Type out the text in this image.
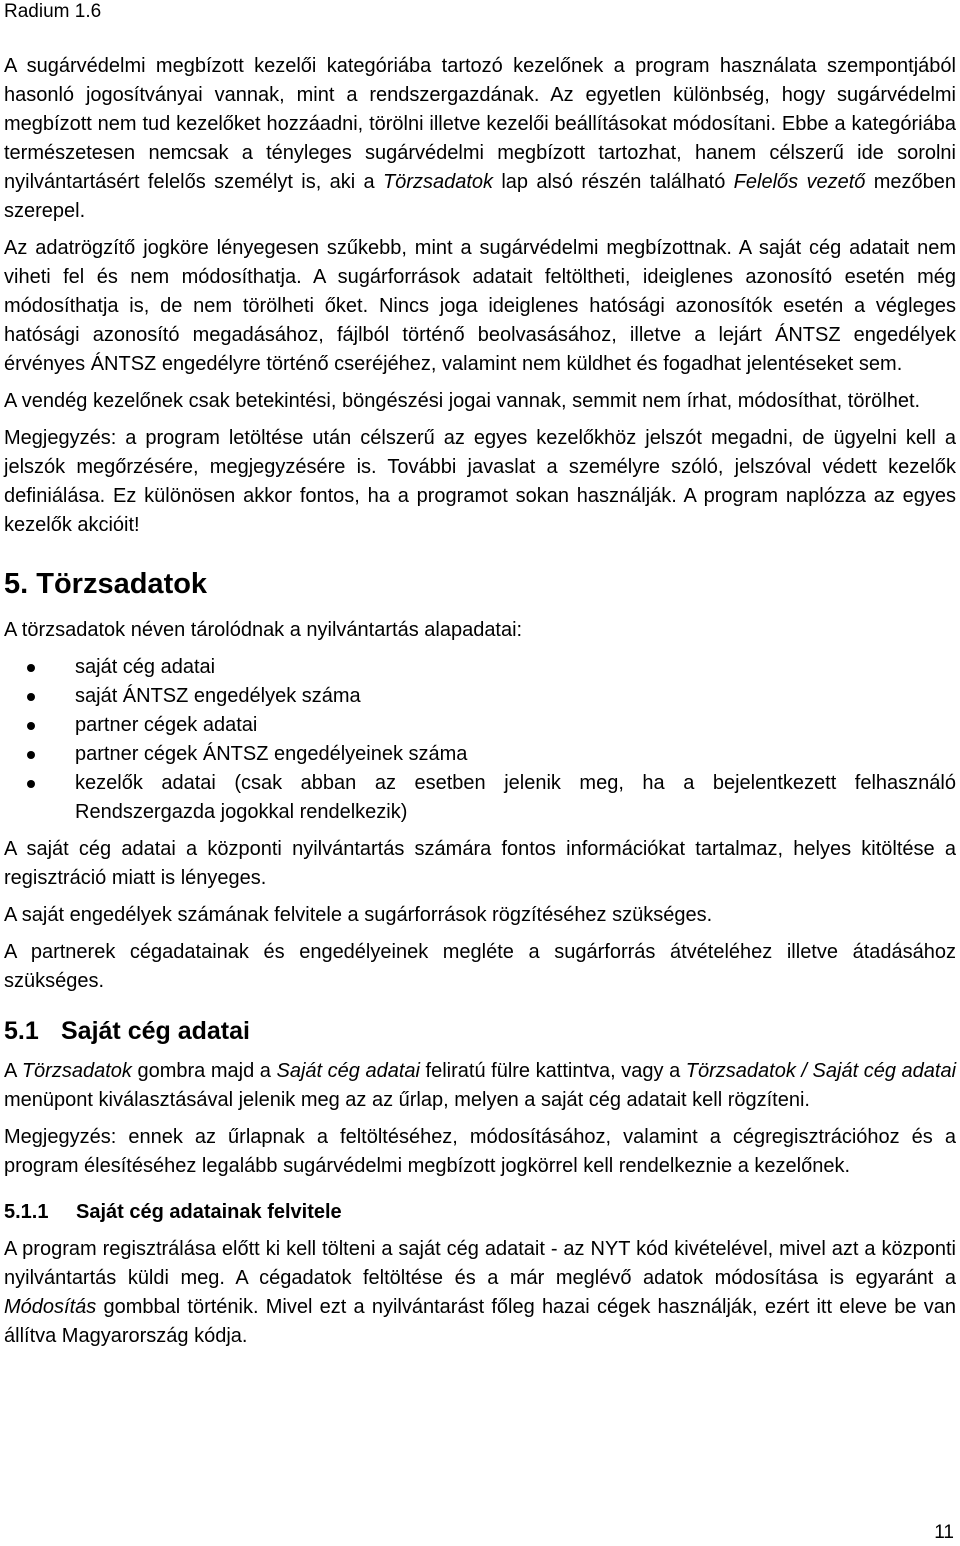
Radium 1.6

A sugárvédelmi megbízott kezelői kategóriába tartozó kezelőnek a program használata szempontjából hasonló jogosítványai vannak, mint a rendszergazdának. Az egyetlen különbség, hogy sugárvédelmi megbízott nem tud kezelőket hozzáadni, törölni illetve kezelői beállításokat módosítani. Ebbe a kategóriába természetesen nemcsak a tényleges sugárvédelmi megbízott tartozhat, hanem célszerű ide sorolni nyilvántartásért felelős személyt is, aki a Törzsadatok lap alsó részén található Felelős vezető mezőben szerepel.

Az adatrögzítő jogköre lényegesen szűkebb, mint a sugárvédelmi megbízottnak. A saját cég adatait nem viheti fel és nem módosíthatja. A sugárforrások adatait feltöltheti, ideiglenes azonosító esetén még módosíthatja is, de nem törölheti őket. Nincs joga ideiglenes hatósági azonosítók esetén a végleges hatósági azonosító megadásához, fájlból történő beolvasásához, illetve a lejárt ÁNTSZ engedélyek érvényes ÁNTSZ engedélyre történő cseréjéhez, valamint nem küldhet és fogadhat jelentéseket sem.

A vendég kezelőnek csak betekintési, böngészési jogai vannak, semmit nem írhat, módosíthat, törölhet.

Megjegyzés: a program letöltése után célszerű az egyes kezelőkhöz jelszót megadni, de ügyelni kell a jelszók megőrzésére, megjegyzésére is. További javaslat a személyre szóló, jelszóval védett kezelők definiálása. Ez különösen akkor fontos, ha a programot sokan használják. A program naplózza az egyes kezelők akcióit!

5. Törzsadatok

A törzsadatok néven tárolódnak a nyilvántartás alapadatai:

saját cég adatai
saját ÁNTSZ engedélyek száma
partner cégek adatai
partner cégek ÁNTSZ engedélyeinek száma
kezelők adatai (csak abban az esetben jelenik meg, ha a bejelentkezett felhasználó Rendszergazda jogokkal rendelkezik)

A saját cég adatai a központi nyilvántartás számára fontos információkat tartalmaz, helyes kitöltése a regisztráció miatt is lényeges.

A saját engedélyek számának felvitele a sugárforrások rögzítéséhez szükséges.

A partnerek cégadatainak és engedélyeinek megléte a sugárforrás átvételéhez illetve átadásához szükséges.

5.1 Saját cég adatai

A Törzsadatok gombra majd a Saját cég adatai feliratú fülre kattintva, vagy a Törzsadatok / Saját cég adatai menüpont kiválasztásával jelenik meg az az űrlap, melyen a saját cég adatait kell rögzíteni.

Megjegyzés: ennek az űrlapnak a feltöltéséhez, módosításához, valamint a cégregisztrációhoz és a program élesítéséhez legalább sugárvédelmi megbízott jogkörrel kell rendelkeznie a kezelőnek.

5.1.1 Saját cég adatainak felvitele

A program regisztrálása előtt ki kell tölteni a saját cég adatait - az NYT kód kivételével, mivel azt a központi nyilvántartás küldi meg. A cégadatok feltöltése és a már meglévő adatok módosítása is egyaránt a Módosítás gombbal történik. Mivel ezt a nyilvántarást főleg hazai cégek használják, ezért itt eleve be van állítva Magyarország kódja.

11
